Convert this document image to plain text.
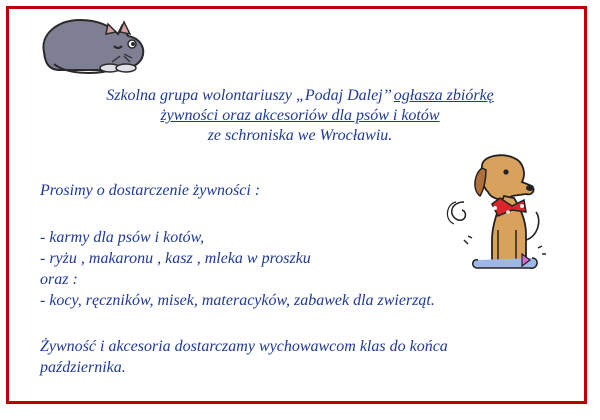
Szkolna grupa wolontariuszy „Podaj Dalej’’ ogłasza zbiórkę
żywności oraz akcesoriów dla psów i kotów
ze schroniska we Wrocławiu.
Prosimy o dostarczenie żywności :
- karmy dla psów i kotów,
- ryżu , makaronu , kasz , mleka w proszku
oraz :
- kocy, ręczników, misek, materacyków, zabawek dla zwierząt.
Żywność i akcesoria dostarczamy wychowawcom klas do końca
października.
